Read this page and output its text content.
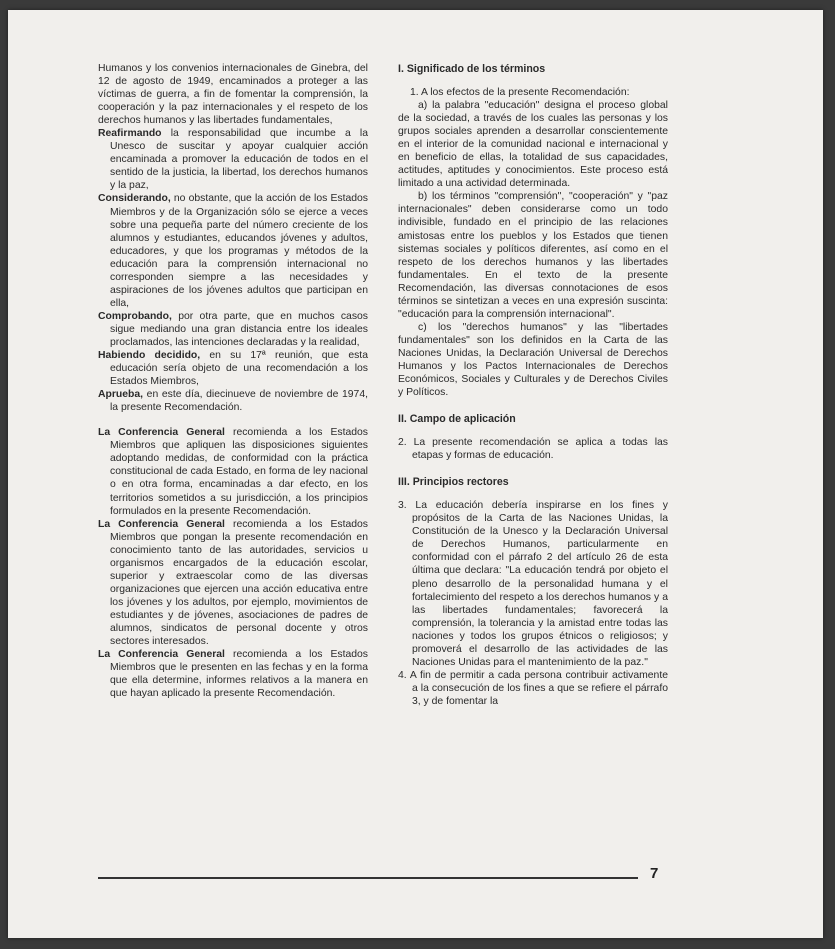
Humanos y los convenios internacionales de Ginebra, del 12 de agosto de 1949, encaminados a proteger a las víctimas de guerra, a fin de fomentar la comprensión, la cooperación y la paz internacionales y el respeto de los derechos humanos y las libertades fundamentales,

Reafirmando la responsabilidad que incumbe a la Unesco de suscitar y apoyar cualquier acción encaminada a promover la educación de todos en el sentido de la justicia, la libertad, los derechos humanos y la paz,

Considerando, no obstante, que la acción de los Estados Miembros y de la Organización sólo se ejerce a veces sobre una pequeña parte del número creciente de los alumnos y estudiantes, educandos jóvenes y adultos, educadores, y que los programas y métodos de la educación para la comprensión internacional no corresponden siempre a las necesidades y aspiraciones de los jóvenes adultos que participan en ella,

Comprobando, por otra parte, que en muchos casos sigue mediando una gran distancia entre los ideales proclamados, las intenciones declaradas y la realidad,

Habiendo decidido, en su 17ª reunión, que esta educación sería objeto de una recomendación a los Estados Miembros,

Aprueba, en este día, diecinueve de noviembre de 1974, la presente Recomendación.

La Conferencia General recomienda a los Estados Miembros que apliquen las disposiciones siguientes adoptando medidas, de conformidad con la práctica constitucional de cada Estado, en forma de ley nacional o en otra forma, encaminadas a dar efecto, en los territorios sometidos a su jurisdicción, a los principios formulados en la presente Recomendación.

La Conferencia General recomienda a los Estados Miembros que pongan la presente recomendación en conocimiento tanto de las autoridades, servicios u organismos encargados de la educación escolar, superior y extraescolar como de las diversas organizaciones que ejercen una acción educativa entre los jóvenes y los adultos, por ejemplo, movimientos de estudiantes y de jóvenes, asociaciones de padres de alumnos, sindicatos de personal docente y otros sectores interesados.

La Conferencia General recomienda a los Estados Miembros que le presenten en las fechas y en la forma que ella determine, informes relativos a la manera en que hayan aplicado la presente Recomendación.

I. Significado de los términos

1. A los efectos de la presente Recomendación:

a) la palabra "educación" designa el proceso global de la sociedad, a través de los cuales las personas y los grupos sociales aprenden a desarrollar conscientemente en el interior de la comunidad nacional e internacional y en beneficio de ellas, la totalidad de sus capacidades, actitudes, aptitudes y conocimientos. Este proceso está limitado a una actividad determinada.

b) los términos "comprensión", "cooperación" y "paz internacionales" deben considerarse como un todo indivisible, fundado en el principio de las relaciones amistosas entre los pueblos y los Estados que tienen sistemas sociales y políticos diferentes, así como en el respeto de los derechos humanos y las libertades fundamentales. En el texto de la presente Recomendación, las diversas connotaciones de esos términos se sintetizan a veces en una expresión suscinta: "educación para la comprensión internacional".

c) los "derechos humanos" y las "libertades fundamentales" son los definidos en la Carta de las Naciones Unidas, la Declaración Universal de Derechos Humanos y los Pactos Internacionales de Derechos Económicos, Sociales y Culturales y de Derechos Civiles y Políticos.

II. Campo de aplicación

2. La presente recomendación se aplica a todas las etapas y formas de educación.

III. Principios rectores

3. La educación debería inspirarse en los fines y propósitos de la Carta de las Naciones Unidas, la Constitución de la Unesco y la Declaración Universal de Derechos Humanos, particularmente en conformidad con el párrafo 2 del artículo 26 de esta última que declara: "La educación tendrá por objeto el pleno desarrollo de la personalidad humana y el fortalecimiento del respeto a los derechos humanos y a las libertades fundamentales; favorecerá la comprensión, la tolerancia y la amistad entre todas las naciones y todos los grupos étnicos o religiosos; y promoverá el desarrollo de las actividades de las Naciones Unidas para el mantenimiento de la paz."

4. A fin de permitir a cada persona contribuir activamente a la consecución de los fines a que se refiere el párrafo 3, y de fomentar la

7
